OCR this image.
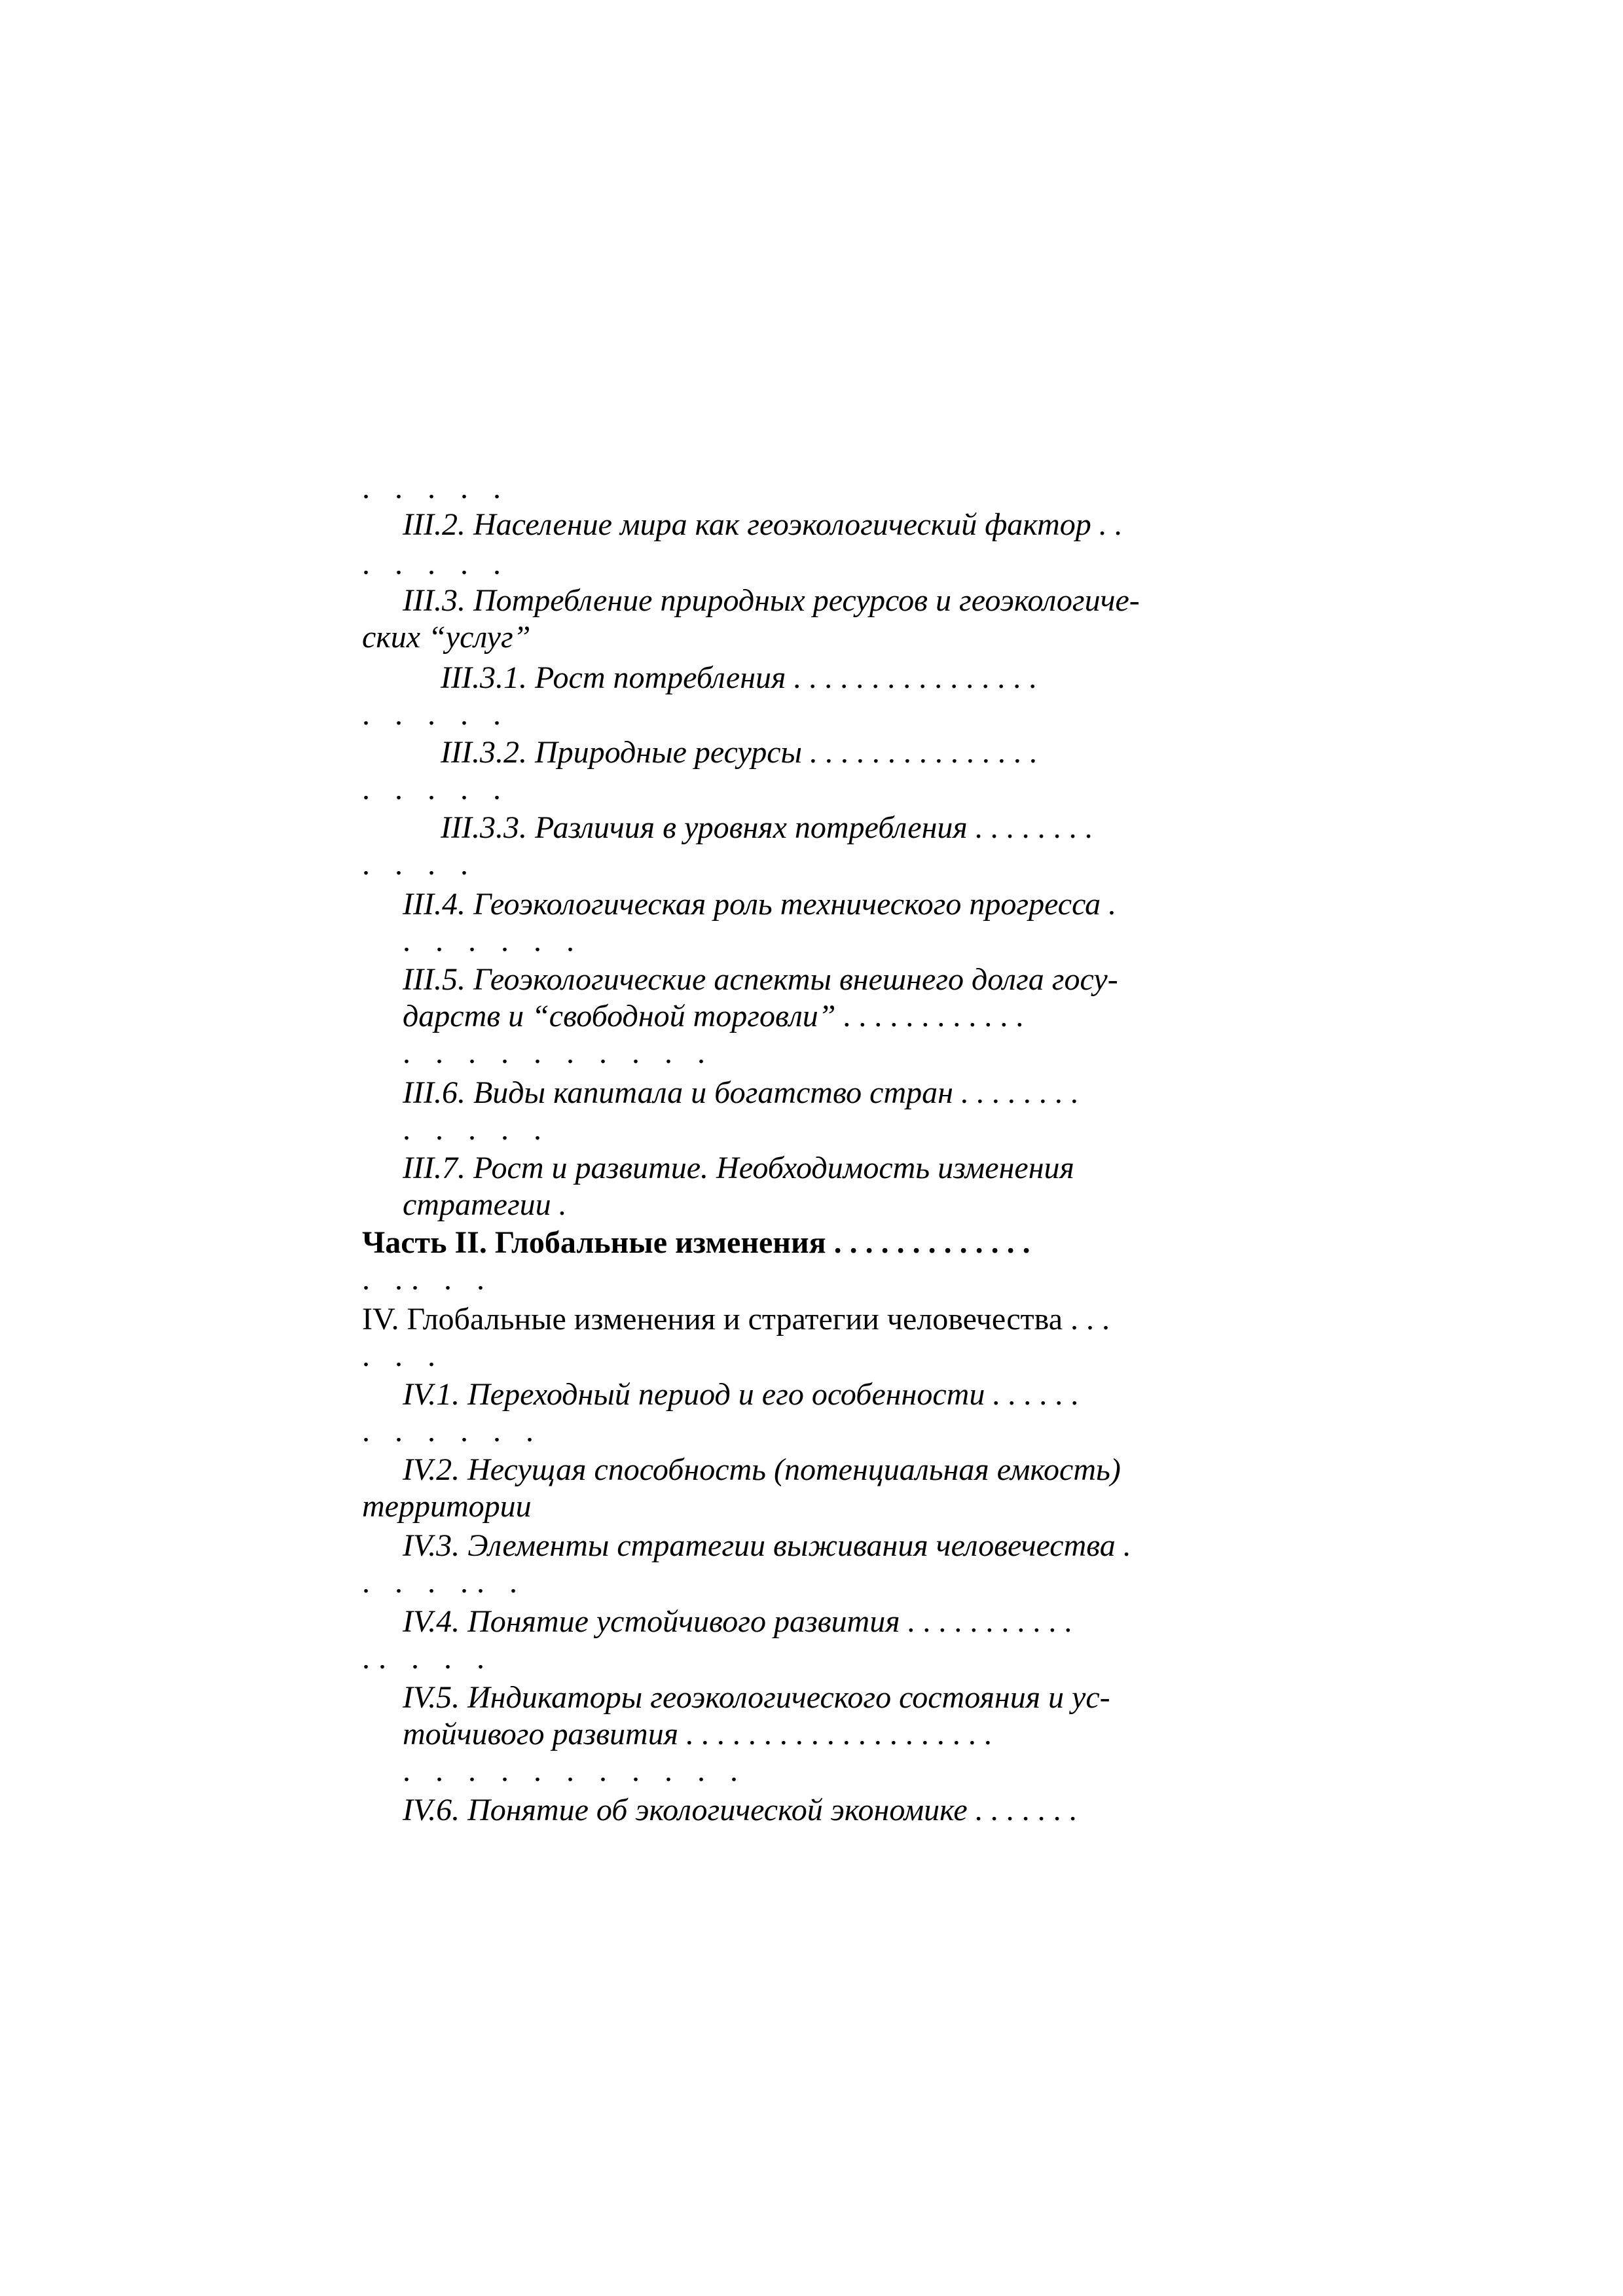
. . . . .
III.2. Население мира как геоэкологический фактор . .
. . . . .
III.3. Потребление природных ресурсов и геоэкологиче-
ских “услуг”
III.3.1. Рост потребления . . . . . . . . . . . . . . . .
. . . . .
III.3.2. Природные ресурсы . . . . . . . . . . . . . . .
. . . . .
III.3.3. Различия в уровнях потребления . . . . . . . .
. . . .
III.4. Геоэкологическая роль технического прогресса .
. . . . . .
III.5. Геоэкологические аспекты внешнего долга госу-
дарств и “свободной торговли” . . . . . . . . . . . .
. . . . . . . . . .
III.6. Виды капитала и богатство стран . . . . . . . .
. . . . .
III.7. Рост и развитие. Необходимость изменения
стратегии .
Часть II. Глобальные изменения . . . . . . . . . . . . .
. .. . .
IV. Глобальные изменения и стратегии человечества . . .
. . .
IV.1. Переходный период и его особенности . . . . . .
. . . . . .
IV.2. Несущая способность (потенциальная емкость)
территории
IV.3. Элементы стратегии выживания человечества .
. . . .. .
IV.4. Понятие устойчивого развития . . . . . . . . . . .
.. . . .
IV.5. Индикаторы геоэкологического состояния и ус-
тойчивого развития . . . . . . . . . . . . . . . . . . . .
. . . . . . . . . . .
IV.6. Понятие об экологической экономике . . . . . . .
